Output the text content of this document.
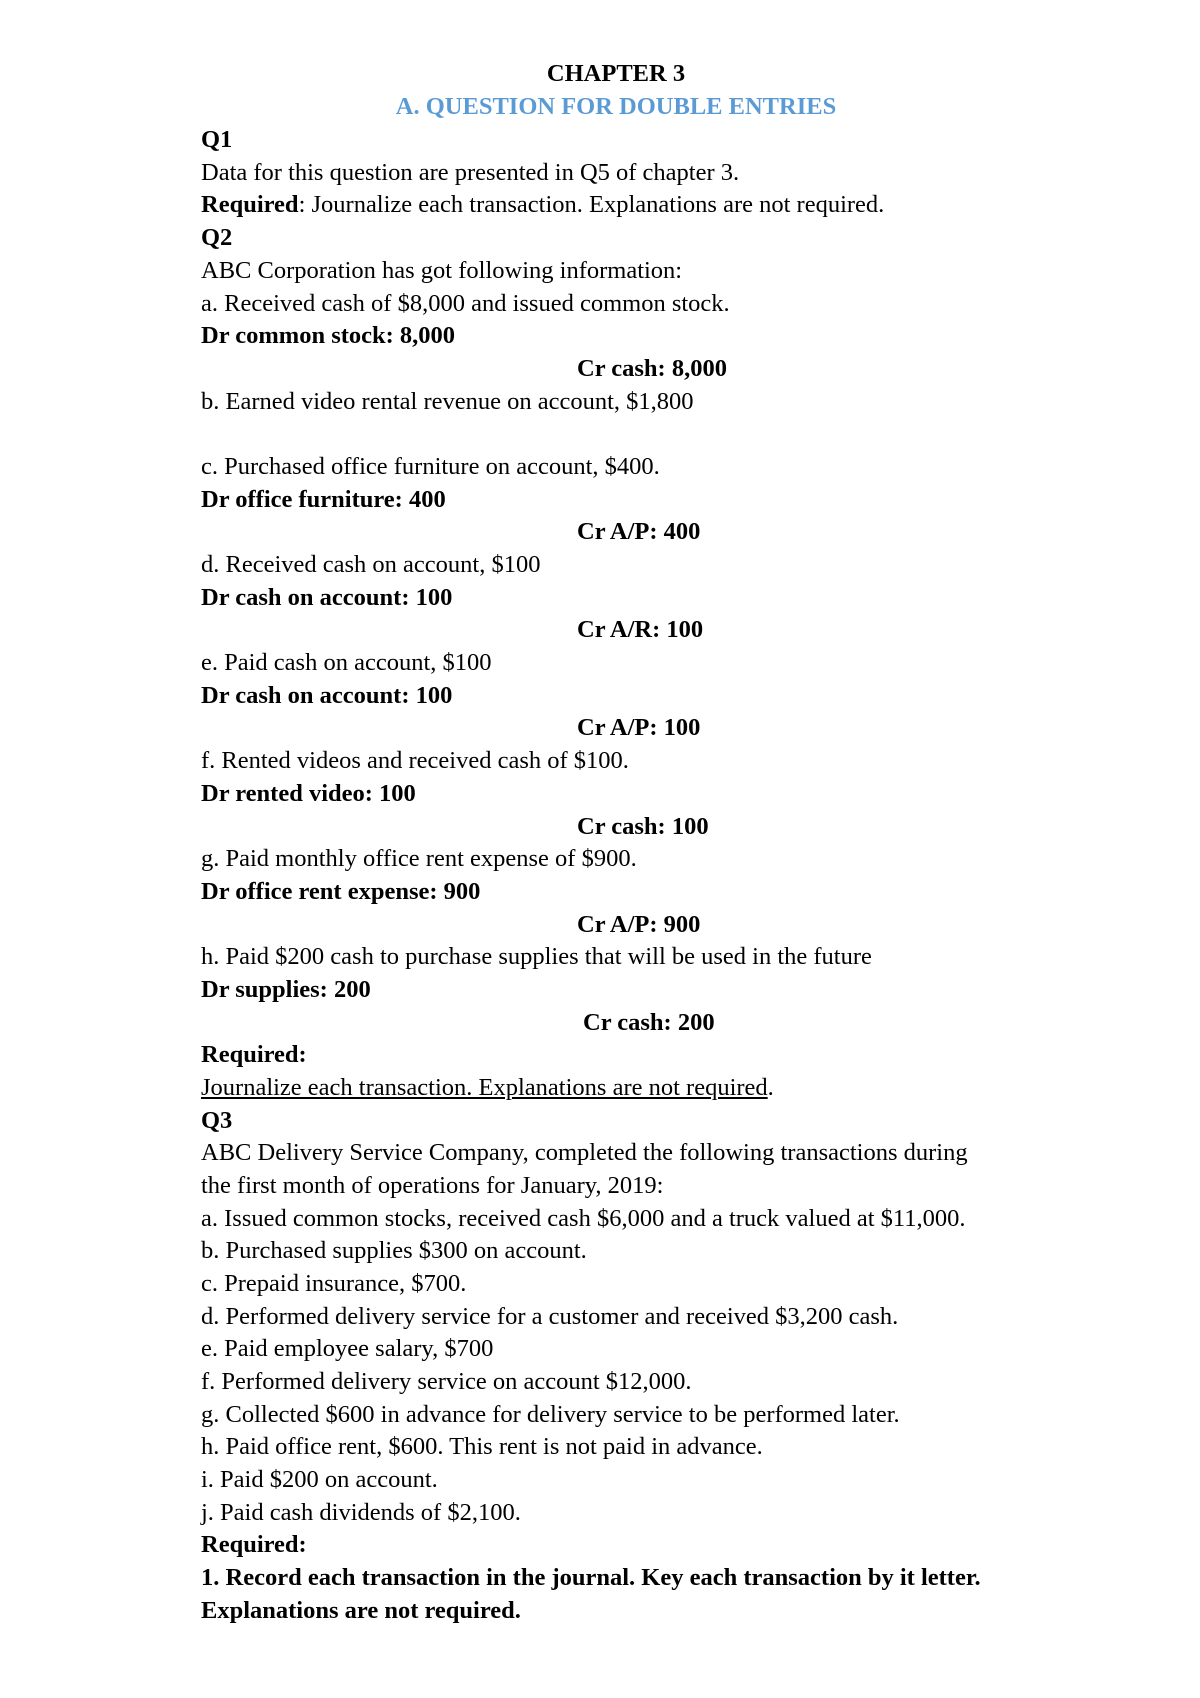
CHAPTER 3
A. QUESTION FOR DOUBLE ENTRIES
Q1
Data for this question are presented in Q5 of chapter 3.
Required: Journalize each transaction. Explanations are not required.
Q2
ABC Corporation has got following information:
a. Received cash of $8,000 and issued common stock.
Dr common stock: 8,000
Cr cash: 8,000
b. Earned video rental revenue on account, $1,800
c. Purchased office furniture on account, $400.
Dr office furniture: 400
Cr A/P: 400
d. Received cash on account, $100
Dr cash on account: 100
Cr A/R: 100
e. Paid cash on account, $100
Dr cash on account: 100
Cr A/P: 100
f. Rented videos and received cash of $100.
Dr rented video: 100
Cr cash: 100
g. Paid monthly office rent expense of $900.
Dr office rent expense: 900
Cr A/P: 900
h. Paid $200 cash to purchase supplies that will be used in the future
Dr supplies: 200
Cr cash: 200
Required:
Journalize each transaction. Explanations are not required.
Q3
ABC Delivery Service Company, completed the following transactions during
the first month of operations for January, 2019:
a. Issued common stocks, received cash $6,000 and a truck valued at $11,000.
b. Purchased supplies $300 on account.
c. Prepaid insurance, $700.
d. Performed delivery service for a customer and received $3,200 cash.
e. Paid employee salary, $700
f. Performed delivery service on account $12,000.
g. Collected $600 in advance for delivery service to be performed later.
h. Paid office rent, $600. This rent is not paid in advance.
i. Paid $200 on account.
j. Paid cash dividends of $2,100.
Required:
1. Record each transaction in the journal. Key each transaction by it letter.
Explanations are not required.
